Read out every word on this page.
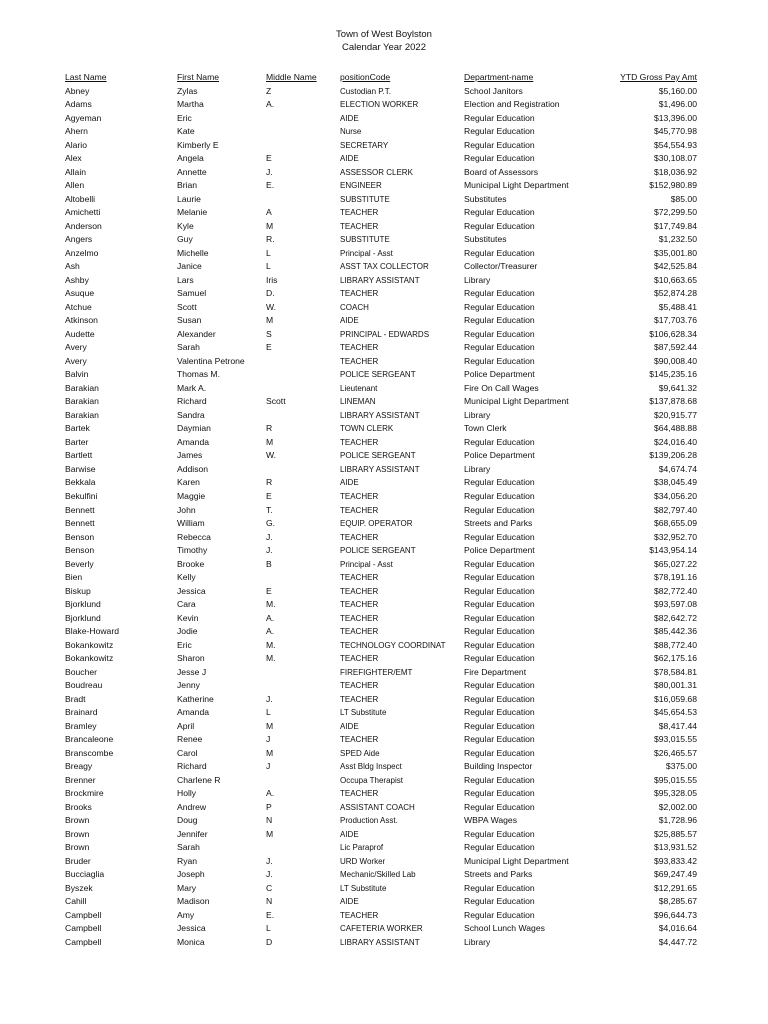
Town of West Boylston
Calendar Year 2022
Last Name	First Name	Middle Name	positionCode	Department-name	YTD Gross Pay Amt
Abney	Zylas	Z	Custodian P.T.	School Janitors	$5,160.00
Adams	Martha	A.	ELECTION WORKER	Election and Registration	$1,496.00
Agyeman	Eric		AIDE	Regular Education	$13,396.00
Ahern	Kate		Nurse	Regular Education	$45,770.98
Alario	Kimberly E		SECRETARY	Regular Education	$54,554.93
Alex	Angela	E	AIDE	Regular Education	$30,108.07
Allain	Annette	J.	ASSESSOR CLERK	Board of Assessors	$18,036.92
Allen	Brian	E.	ENGINEER	Municipal Light Department	$152,980.89
Altobelli	Laurie		SUBSTITUTE	Substitutes	$85.00
Amichetti	Melanie	A	TEACHER	Regular Education	$72,299.50
Anderson	Kyle	M	TEACHER	Regular Education	$17,749.84
Angers	Guy	R.	SUBSTITUTE	Substitutes	$1,232.50
Anzelmo	Michelle	L	Principal - Asst	Regular Education	$35,001.80
Ash	Janice	L	ASST TAX COLLECTOR	Collector/Treasurer	$42,525.84
Ashby	Lars	Iris	LIBRARY ASSISTANT	Library	$10,663.65
Asuque	Samuel	D.	TEACHER	Regular Education	$52,874.28
Atchue	Scott	W.	COACH	Regular Education	$5,488.41
Atkinson	Susan	M	AIDE	Regular Education	$17,703.76
Audette	Alexander	S	PRINCIPAL - EDWARDS	Regular Education	$106,628.34
Avery	Sarah	E	TEACHER	Regular Education	$87,592.44
Avery	Valentina Petrone		TEACHER	Regular Education	$90,008.40
Balvin	Thomas M.		POLICE SERGEANT	Police Department	$145,235.16
Barakian	Mark A.		Lieutenant	Fire On Call Wages	$9,641.32
Barakian	Richard	Scott	LINEMAN	Municipal Light Department	$137,878.68
Barakian	Sandra		LIBRARY ASSISTANT	Library	$20,915.77
Bartek	Daymian	R	TOWN CLERK	Town Clerk	$64,488.88
Barter	Amanda	M	TEACHER	Regular Education	$24,016.40
Bartlett	James	W.	POLICE SERGEANT	Police Department	$139,206.28
Barwise	Addison		LIBRARY ASSISTANT	Library	$4,674.74
Bekkala	Karen	R	AIDE	Regular Education	$38,045.49
Bekulfini	Maggie	E	TEACHER	Regular Education	$34,056.20
Bennett	John	T.	TEACHER	Regular Education	$82,797.40
Bennett	William	G.	EQUIP. OPERATOR	Streets and Parks	$68,655.09
Benson	Rebecca	J.	TEACHER	Regular Education	$32,952.70
Benson	Timothy	J.	POLICE SERGEANT	Police Department	$143,954.14
Beverly	Brooke	B	Principal - Asst	Regular Education	$65,027.22
Bien	Kelly		TEACHER	Regular Education	$78,191.16
Biskup	Jessica	E	TEACHER	Regular Education	$82,772.40
Bjorklund	Cara	M.	TEACHER	Regular Education	$93,597.08
Bjorklund	Kevin	A.	TEACHER	Regular Education	$82,642.72
Blake-Howard	Jodie	A.	TEACHER	Regular Education	$85,442.36
Bokankowitz	Eric	M.	TECHNOLOGY COORDINAT	Regular Education	$88,772.40
Bokankowitz	Sharon	M.	TEACHER	Regular Education	$62,175.16
Boucher	Jesse J		FIREFIGHTER/EMT	Fire Department	$78,584.81
Boudreau	Jenny		TEACHER	Regular Education	$80,001.31
Bradt	Katherine	J.	TEACHER	Regular Education	$16,059.68
Brainard	Amanda	L	LT Substitute	Regular Education	$45,654.53
Bramley	April	M	AIDE	Regular Education	$8,417.44
Brancaleone	Renee	J	TEACHER	Regular Education	$93,015.55
Branscombe	Carol	M	SPED Aide	Regular Education	$26,465.57
Breagy	Richard	J	Asst Bldg Inspect	Building Inspector	$375.00
Brenner	Charlene R		Occupa Therapist	Regular Education	$95,015.55
Brockmire	Holly	A.	TEACHER	Regular Education	$95,328.05
Brooks	Andrew	P	ASSISTANT COACH	Regular Education	$2,002.00
Brown	Doug	N	Production Asst.	WBPA Wages	$1,728.96
Brown	Jennifer	M	AIDE	Regular Education	$25,885.57
Brown	Sarah		Lic Paraprof	Regular Education	$13,931.52
Bruder	Ryan	J.	URD Worker	Municipal Light Department	$93,833.42
Bucciaglia	Joseph	J.	Mechanic/Skilled Lab	Streets and Parks	$69,247.49
Byszek	Mary	C	LT Substitute	Regular Education	$12,291.65
Cahill	Madison	N	AIDE	Regular Education	$8,285.67
Campbell	Amy	E.	TEACHER	Regular Education	$96,644.73
Campbell	Jessica	L	CAFETERIA WORKER	School Lunch Wages	$4,016.64
Campbell	Monica	D	LIBRARY ASSISTANT	Library	$4,447.72
